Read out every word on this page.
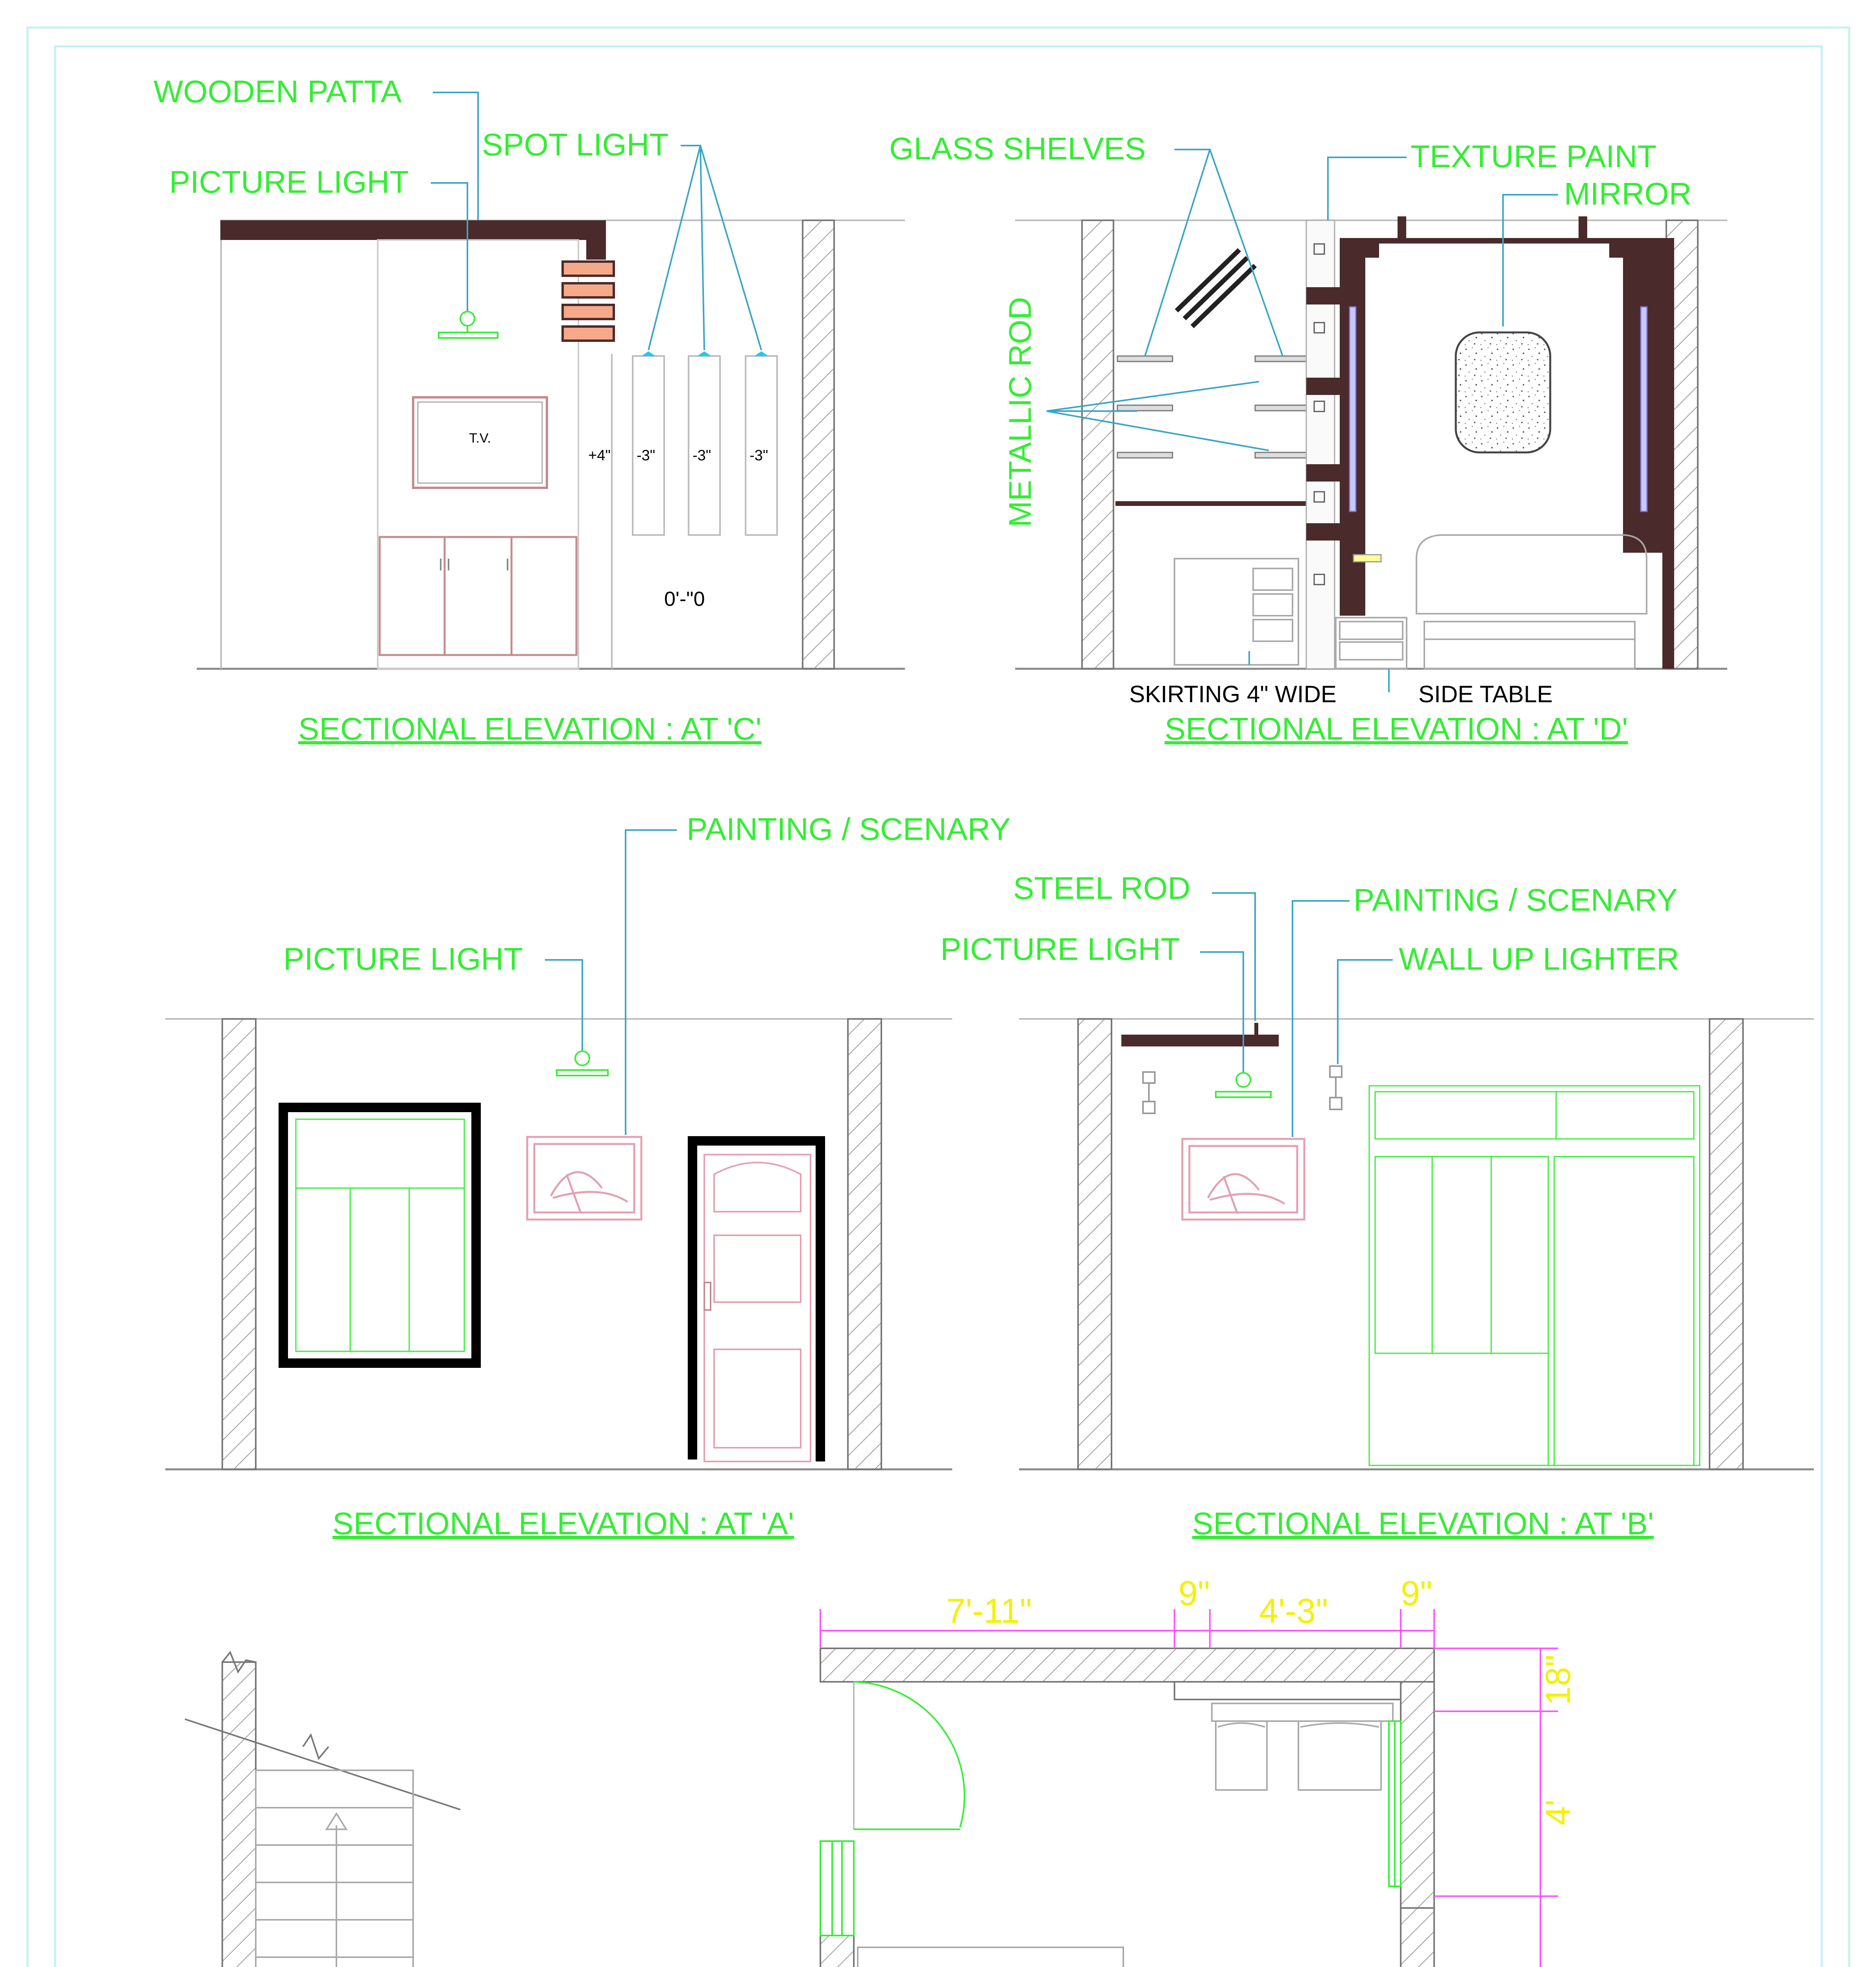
T.V.
+4" -3" -3"	-3"
0'-"0
WOODEN PATTA
SPOT LIGHT
PICTURE LIGHT
SECTIONAL ELEVATION : AT 'C'
GLASS SHELVES	TEXTURE PAINT
MIRROR
METALLIC ROD
SKIRTING 4" WIDE	SIDE TABLE
SECTIONAL ELEVATION : AT 'D'
PAINTING / SCENARY
PICTURE LIGHT
SECTIONAL ELEVATION : AT 'A'
STEEL ROD	PAINTING / SCENARY
PICTURE LIGHT	WALL UP LIGHTER
SECTIONAL ELEVATION : AT 'B'
7'-11"	9" 4'-3" 9"
18"
4'
